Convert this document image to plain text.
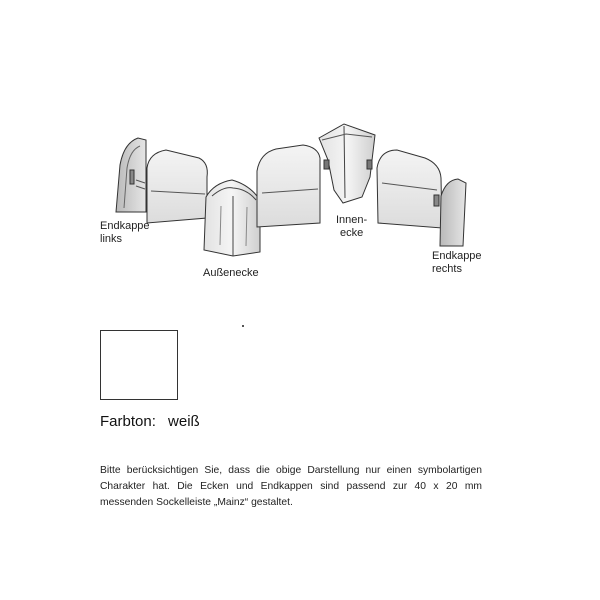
Endkappe
links
Außenecke
Innen-
ecke
Endkappe
rechts
Farbton: weiß
Bitte berücksichtigen Sie, dass die obige Darstellung nur einen symbolartigen Charakter hat. Die Ecken und Endkappen sind passend zur 40 x 20 mm messenden Sockelleiste „Mainz“ gestaltet.
